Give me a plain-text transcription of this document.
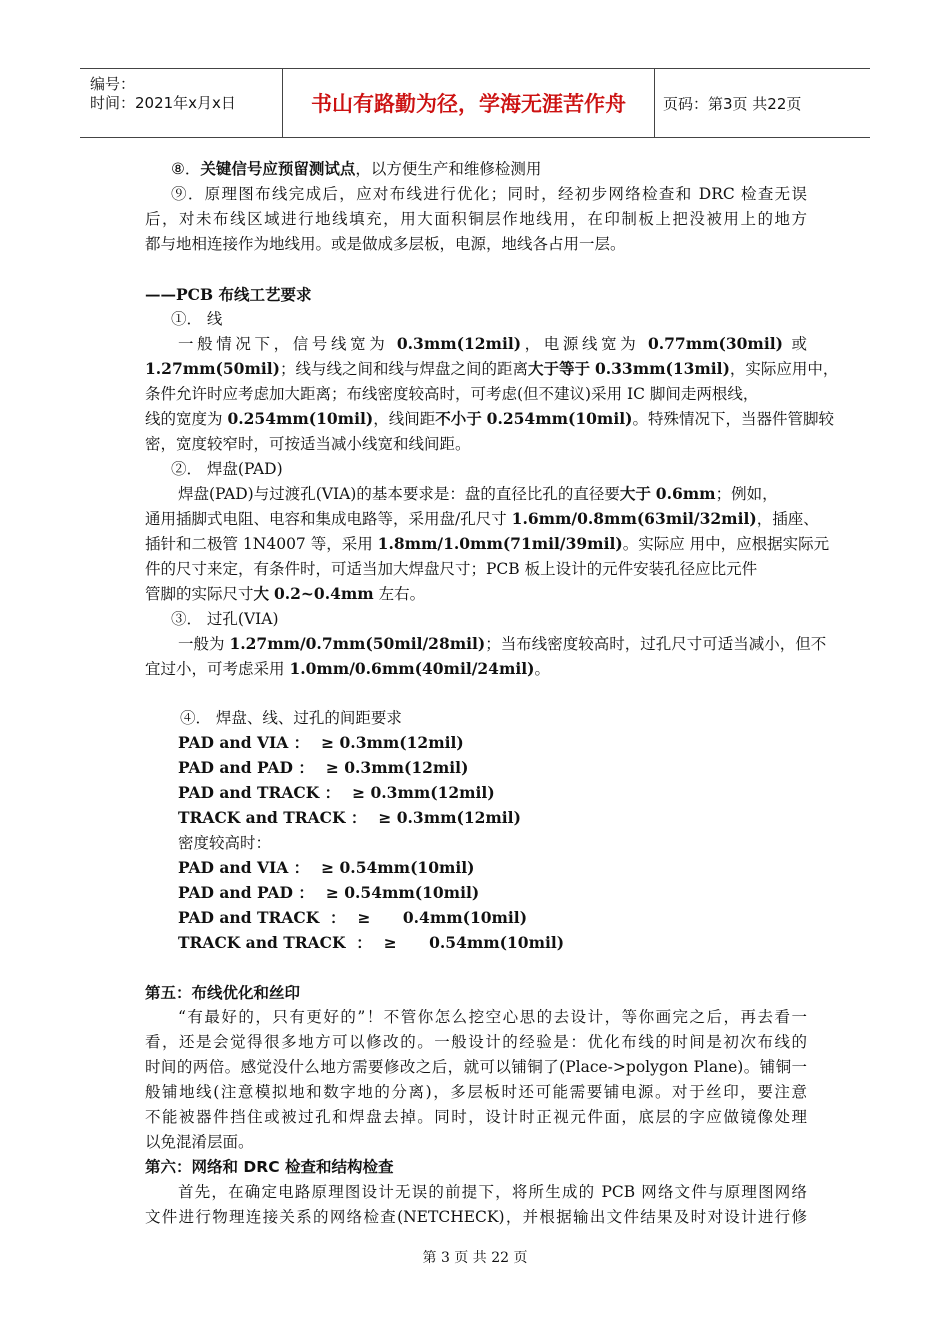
编号：
时间：2021年x月x日	书山有路勤为径，学海无涯苦作舟	页码：第3页 共22页
⑧．关键信号应预留测试点，以方便生产和维修检测用
⑨．原理图布线完成后，应对布线进行优化；同时，经初步网络检查和 DRC 检查无误
后，对未布线区域进行地线填充，用大面积铜层作地线用，在印制板上把没被用上的地方
都与地相连接作为地线用。或是做成多层板，电源，地线各占用一层。
——PCB 布线工艺要求
①． 线
一般情况下，信号线宽为 0.3mm(12mil)，电源线宽为 0.77mm(30mil) 或
1.27mm(50mil)；线与线之间和线与焊盘之间的距离大于等于 0.33mm(13mil)，实际应用中，
条件允许时应考虑加大距离；布线密度较高时，可考虑(但不建议)采用 IC 脚间走两根线，
线的宽度为 0.254mm(10mil)，线间距不小于 0.254mm(10mil)。特殊情况下，当器件管脚较
密，宽度较窄时，可按适当减小线宽和线间距。
②． 焊盘(PAD)
焊盘(PAD)与过渡孔(VIA)的基本要求是：盘的直径比孔的直径要大于 0.6mm；例如，
通用插脚式电阻、电容和集成电路等，采用盘/孔尺寸 1.6mm/0.8mm(63mil/32mil)，插座、
插针和二极管 1N4007 等，采用 1.8mm/1.0mm(71mil/39mil)。实际应 用中，应根据实际元
件的尺寸来定，有条件时，可适当加大焊盘尺寸；PCB 板上设计的元件安装孔径应比元件
管脚的实际尺寸大 0.2~0.4mm 左右。
③． 过孔(VIA)
一般为 1.27mm/0.7mm(50mil/28mil)；当布线密度较高时，过孔尺寸可适当减小，但不
宜过小，可考虑采用 1.0mm/0.6mm(40mil/24mil)。
④． 焊盘、线、过孔的间距要求
PAD and VIA ： ≥ 0.3mm(12mil)
PAD and PAD ： ≥ 0.3mm(12mil)
PAD and TRACK ： ≥ 0.3mm(12mil)
TRACK and TRACK ： ≥ 0.3mm(12mil)
密度较高时：
PAD and VIA ： ≥ 0.54mm(10mil)
PAD and PAD ： ≥ 0.54mm(10mil)
PAD and TRACK  ： ≥      0.4mm(10mil)
TRACK and TRACK  ： ≥      0.54mm(10mil)
第五：布线优化和丝印
“有最好的，只有更好的”！不管你怎么挖空心思的去设计，等你画完之后，再去看一
看，还是会觉得很多地方可以修改的。一般设计的经验是：优化布线的时间是初次布线的
时间的两倍。感觉没什么地方需要修改之后，就可以铺铜了(Place->polygon Plane)。铺铜一
般铺地线(注意模拟地和数字地的分离)，多层板时还可能需要铺电源。对于丝印，要注意
不能被器件挡住或被过孔和焊盘去掉。同时，设计时正视元件面，底层的字应做镜像处理
以免混淆层面。
第六：网络和 DRC 检查和结构检查
首先，在确定电路原理图设计无误的前提下，将所生成的 PCB 网络文件与原理图网络
文件进行物理连接关系的网络检查(NETCHECK)，并根据输出文件结果及时对设计进行修
第 3 页 共 22 页
